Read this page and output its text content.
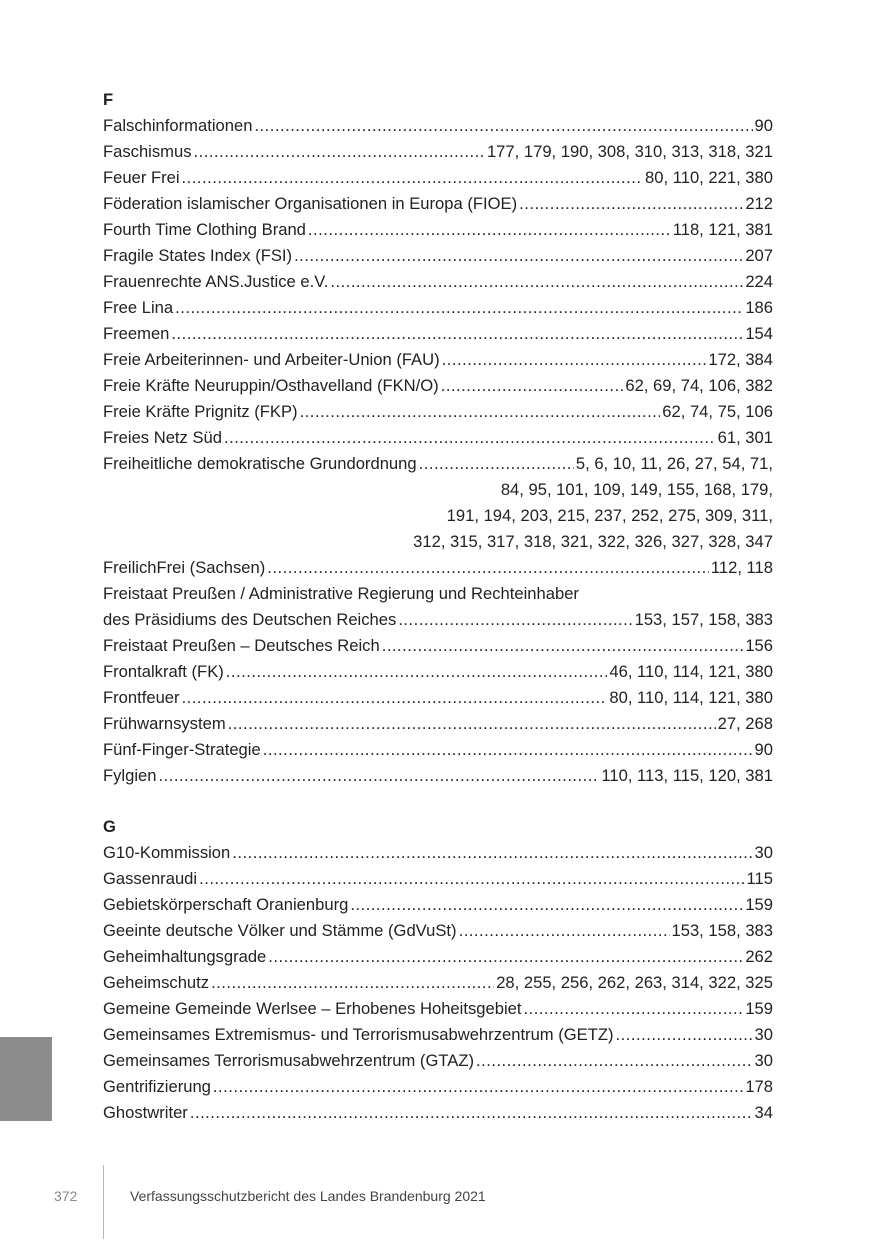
F
Falschinformationen .....	90
Faschismus .....	177, 179, 190, 308, 310, 313, 318, 321
Feuer Frei .....	80, 110, 221, 380
Föderation islamischer Organisationen in Europa (FIOE) .....	212
Fourth Time Clothing Brand .....	118, 121, 381
Fragile States Index (FSI) .....	207
Frauenrechte ANS.Justice e.V. .....	224
Free Lina .....	186
Freemen .....	154
Freie Arbeiterinnen- und Arbeiter-Union (FAU) .....	172, 384
Freie Kräfte Neuruppin/Osthavelland (FKN/O) .....	62, 69, 74, 106, 382
Freie Kräfte Prignitz (FKP) .....	62, 74, 75, 106
Freies Netz Süd .....	61, 301
Freiheitliche demokratische Grundordnung .....	5, 6, 10, 11, 26, 27, 54, 71,
84, 95, 101, 109, 149, 155, 168, 179,
191, 194, 203, 215, 237, 252, 275, 309, 311,
312, 315, 317, 318, 321, 322, 326, 327, 328, 347
FreilichFrei (Sachsen) .....	112, 118
Freistaat Preußen / Administrative Regierung und Rechteinhaber
des Präsidiums des Deutschen Reiches .....	153, 157, 158, 383
Freistaat Preußen – Deutsches Reich .....	156
Frontalkraft (FK) .....	46, 110, 114, 121, 380
Frontfeuer .....	80, 110, 114, 121, 380
Frühwarnsystem .....	27, 268
Fünf-Finger-Strategie .....	90
Fylgien .....	110, 113, 115, 120, 381
G
G10-Kommission .....	30
Gassenraudi .....	115
Gebietskörperschaft Oranienburg .....	159
Geeinte deutsche Völker und Stämme (GdVuSt) .....	153, 158, 383
Geheimhaltungsgrade .....	262
Geheimschutz .....	28, 255, 256, 262, 263, 314, 322, 325
Gemeine Gemeinde Werlsee – Erhobenes Hoheitsgebiet .....	159
Gemeinsames Extremismus- und Terrorismusabwehrzentrum (GETZ) .....	30
Gemeinsames Terrorismusabwehrzentrum (GTAZ) .....	30
Gentrifizierung .....	178
Ghostwriter .....	34
372	Verfassungsschutzbericht des Landes Brandenburg 2021
